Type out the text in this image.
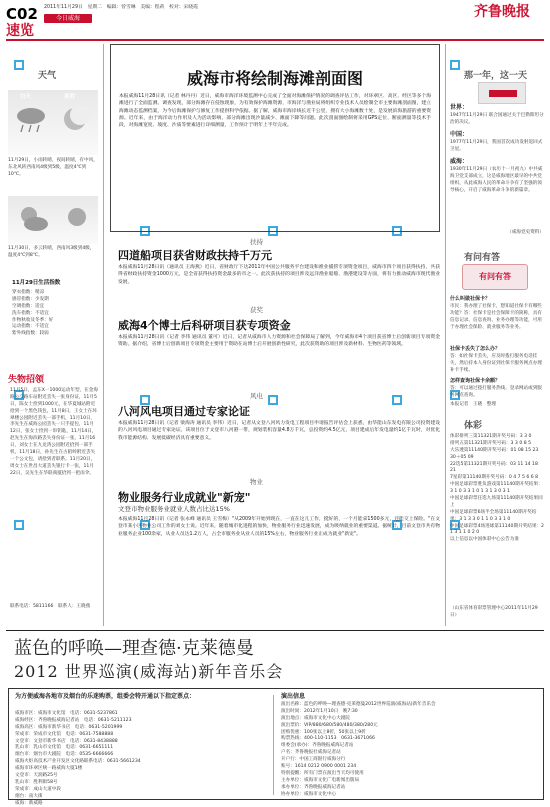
C02 2011年11月29日　星期二　编辑：曾雪琳　美编：程莉　校对：宋晓霞	齐鲁晚报
今日威海
速览
天气
白天	夜间
11月29日，小雨转晴，夜间转晴，有中风，东北风转西南风4级到5级，温度4℃到10℃。
11月30日，多云转晴，西南风3级到4级，温度4℃到8℃。
11月29日生活指数
穿衣指数：稍凉
感冒指数：少发期
空调指数：适宜
洗车指数：不适宜
作物秋收及冬季：好
运动指数：不适宜
紫外线指数：较弱
失物招领
11月5日，孟东X一1000运动年型，在金海路公交路车站附近丢失一张身份证，11月5日，陈女士捡到1000元，在华夏城站附近拾到一个黑色钱包，11月8日，王女士在环翠楼公园附近丢失一部手机，11月10日，李先生在威海公园丢失一只手提包，11月12日，张女士捡到一串钥匙，11月14日，赵先生在海滨路丢失身份证一张，11月16日，刘女士在九龙湾公园附近拾到一部手机，11月18日，孙先生在古陌岭附近丢失一个公文包，请拾到者联系。11月20日，周女士在世昌大道丢失银行卡一张，11月22日，吴先生在华联商厦拾到一把雨伞。
联系电话：5811166　联系人：王晓燕
威海市将绘制海滩剖面图
本报威海11月28日讯（记者 林丹丹）近日，威海市海洋环境监测中心完成了全面对海滩保护情况的调查评估工作，对环翠区、高区、经区等多个海滩进行了全面监测。调查发现，部分海滩存在侵蚀现象，为有效保护海滩资源，市海洋与渔业局将组织专业技术人员绘制全市主要海滩剖面图，建立海滩动态监测档案，为今后海滩保护与修复工作提供科学依据。据了解，威海市海岸线长近千公里，拥有大小海滩数十处，是发展滨海旅游的重要资源。近年来，由于海洋动力作用及人为活动影响，部分海滩出现沙量减少、滩面下降等问题。此次剖面图绘制将采用GPS定位、断面测量等技术手段，对海滩宽度、坡度、沙质等要素进行详细测量，工作预计于明年上半年完成。
扶持
四道船项目获省财政扶持千万元
本报威海11月28日讯（通讯员 王海燕）近日，省财政厅下达2011年中国公共服务平台建设和渔业捕捞专项资金项目，威海市四个项目获得扶持，共获得省财政扶持资金1000万元，是全省获得扶持资金最多的市之一。此次获扶持的项目涉及远洋渔业船舶、渔港建设等方面，将有力推动威海市现代渔业发展。
获奖
威海4个博士后科研项目获专项资金
本报威海11月28日讯（记者 李伟 通讯员 董可）近日，记者从威海市人力资源和社会保障局了解到，今年威海市4个项目获省博士后创新项目专项资金资助。据介绍，省博士后创新项目专项资金主要用于资助在站博士后开展创新性研究，此次获资助的项目涉及新材料、生物医药等领域。
风电
八河风电项目通过专家论证
本报威海11月28日讯（记者 梁海涛 通讯员 李伟）近日，记者从文登八河风力发电工程项目申请报告评估会上获悉，由华能山东发电有限公司投资建设的八河风电项目通过专家论证。该项目位于文登市八河港一带，规划装机容量4.8万千瓦，总投资约4.5亿元，项目建成后年发电量约1亿千瓦时，对优化我市能源结构、发展低碳经济具有重要意义。
物业
物业服务行业成就业"新宠"
文登市物业服务业就业人数占比达15%
本报威海11月28日讯（记者 张永峰 通讯员 王雪梅）"从2009年开始到现在，一直在这儿工作，挺好的，一个月能拿1500多元，还能交上保险。"在文登市某小区物业公司工作的刘女士说。近年来，随着城市化进程的加快，物业服务行业迅速发展，成为吸纳就业的重要渠道。据统计，目前文登市共有物业服务企业100余家，从业人员达1.2万人，占全市服务业从业人员的15%左右，物业服务行业正成为就业"新宠"。
那一年，这一天
世界：
1947年11月29日 联合国通过关于巴勒斯坦分治的决议。
中国：
1977年11月29日，我国首次成功发射返回式卫星。
威海：
1930年11月29日（农历十一月初九）中共威海卫党支部成立，这是威海地区最早的中共党组织，从此威海人民的革命斗争有了坚强的领导核心，开启了威海革命斗争的新篇章。
（威海党史资料）
有问有答
有问有答
什么叫做社保卡？
市民：我办理了社保卡，想知道社保卡有哪些功能？答：社保卡是社会保障卡的简称，具有信息记录、信息查询、业务办理等功能，可用于办理社会保险、就业服务等业务。
社保卡丢失了怎么办？
答：如社保卡丢失，应及时拨打服务电话挂失，然后持本人身份证到社保卡服务网点办理补卡手续。
怎样查询社保卡余额？
答：可以通过拨打服务热线、登录网站或到服务网点查询。
本报记者　王晓　整理
体彩
体彩排列三第11321期开奖号码：3 3 0
排列五第11321期开奖号码：3 3 0 8 5
大乐透第11140期开奖号码：01 08 15 23 30＋05 09
22选5第11321期开奖号码：03 11 14 18 21
7星彩第11140期开奖号码：0 4 7 5 6 6 8
中国足球彩票胜负游戏第11140期开奖结果：3 1 0 3 3 1 0 1 3 1 3 0 3 1
中国足球彩票任选九场第11140期开奖结果同上
中国足球彩票6场半全场第11140期开奖结果：3 1 3 3 0 1 1 0 3 3 1 0
中国足球彩票4场进球第11140期开奖结果：2 1 3 1 1 0 2 0
以上信息以中国体彩中心公告为准
（山东省体育彩票管理中心2011年11月29日）
蓝色的呼唤—理查德·克莱德曼
2012 世界巡演(威海站)新年音乐会
为方便威海各地市及烟台的乐迷购票，组委会特开通以下指定票点：
威海市区：威海市文化馆　电话：0631-5237861
威海经区：齐鲁晚报威海记者站　电话：0631-5211123
威海高区：威海市新华书店　电话：0631-5201999
荣成市：荣成市文化馆　电话：0631-7588888
文登市：文登市新华书店　电话：0631-8438888
乳山市：乳山市文化馆　电话：0631-6651111
烟台市：烟台市大剧院　电话：0535-6666666
威海火炬高技术产业开发区文化路联系电话：0631-5661234
威海市环翠区统一路威海大厦1楼
文登市：天润路25号
乳山市：胜利街58号
荣成市：成山大道中段
烟台：南大街
威海：新威路
演出信息
演出名称：蓝色的呼唤—理查德·克莱德曼2012世界巡演(威海站)新年音乐会
演出时间：2012年1月10日　晚7:30
演出地点：威海市文化中心大剧院
演出票价：VIP/880/680/580/480/380/280元
团购优惠：100张以上8折，50张以上9折
购票热线：400-110-1153　0631-3671066
组委会(承办)：齐鲁晚报威海记者站
户名：齐鲁晚报社威海记者站
开户行：中国工商银行威海分行
账号：1614 0212 0900 0001 234
特别提醒：所有门票在演出当天均可使用
主办单位：威海市文化广电新闻出版局
承办单位：齐鲁晚报威海记者站
协办单位：威海市文化中心
